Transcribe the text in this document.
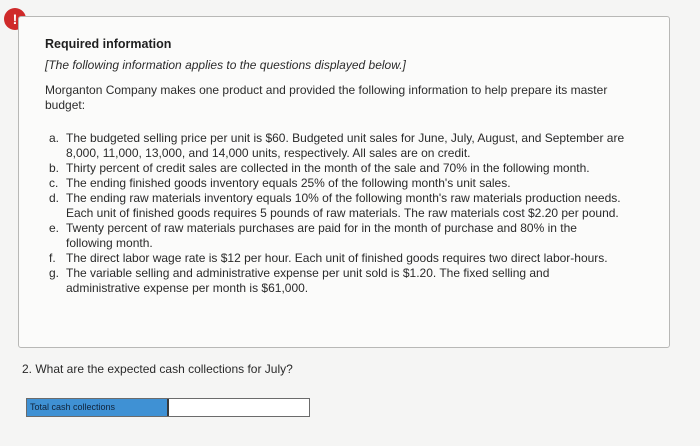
!
Required information
[The following information applies to the questions displayed below.]
Morganton Company makes one product and provided the following information to help prepare its master budget:
a. The budgeted selling price per unit is $60. Budgeted unit sales for June, July, August, and September are 8,000, 11,000, 13,000, and 14,000 units, respectively. All sales are on credit.
b. Thirty percent of credit sales are collected in the month of the sale and 70% in the following month.
c. The ending finished goods inventory equals 25% of the following month's unit sales.
d. The ending raw materials inventory equals 10% of the following month's raw materials production needs. Each unit of finished goods requires 5 pounds of raw materials. The raw materials cost $2.20 per pound.
e. Twenty percent of raw materials purchases are paid for in the month of purchase and 80% in the following month.
f. The direct labor wage rate is $12 per hour. Each unit of finished goods requires two direct labor-hours.
g. The variable selling and administrative expense per unit sold is $1.20. The fixed selling and administrative expense per month is $61,000.
2. What are the expected cash collections for July?
Total cash collections
